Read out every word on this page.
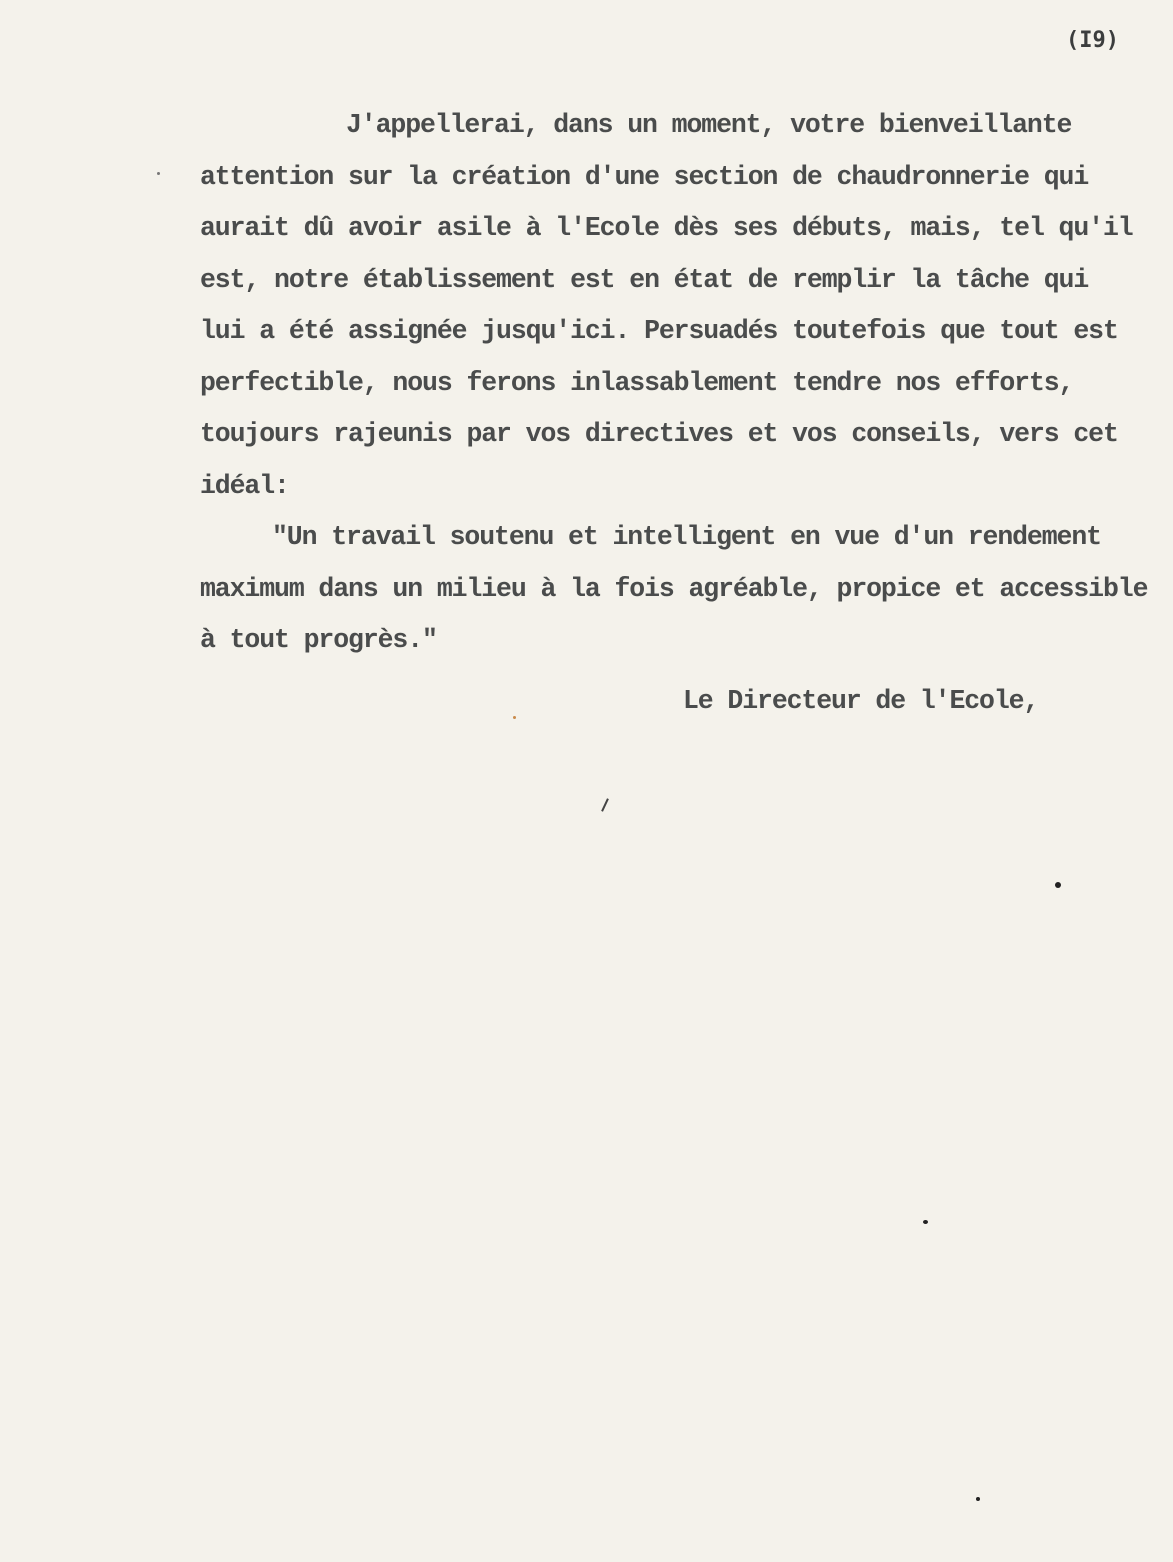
(I9)
J'appellerai, dans un moment, votre bienveillante
attention sur la création d'une section de chaudronnerie qui
aurait dû avoir asile à l'Ecole dès ses débuts, mais, tel qu'il
est, notre établissement est en état de remplir la tâche qui
lui a été assignée jusqu'ici. Persuadés toutefois que tout est
perfectible, nous ferons inlassablement tendre nos efforts,
toujours rajeunis par vos directives et vos conseils, vers cet
idéal:
"Un travail soutenu et intelligent en vue d'un rendement
maximum dans un milieu à la fois agréable, propice et accessible
à tout progrès."
Le Directeur de l'Ecole,
